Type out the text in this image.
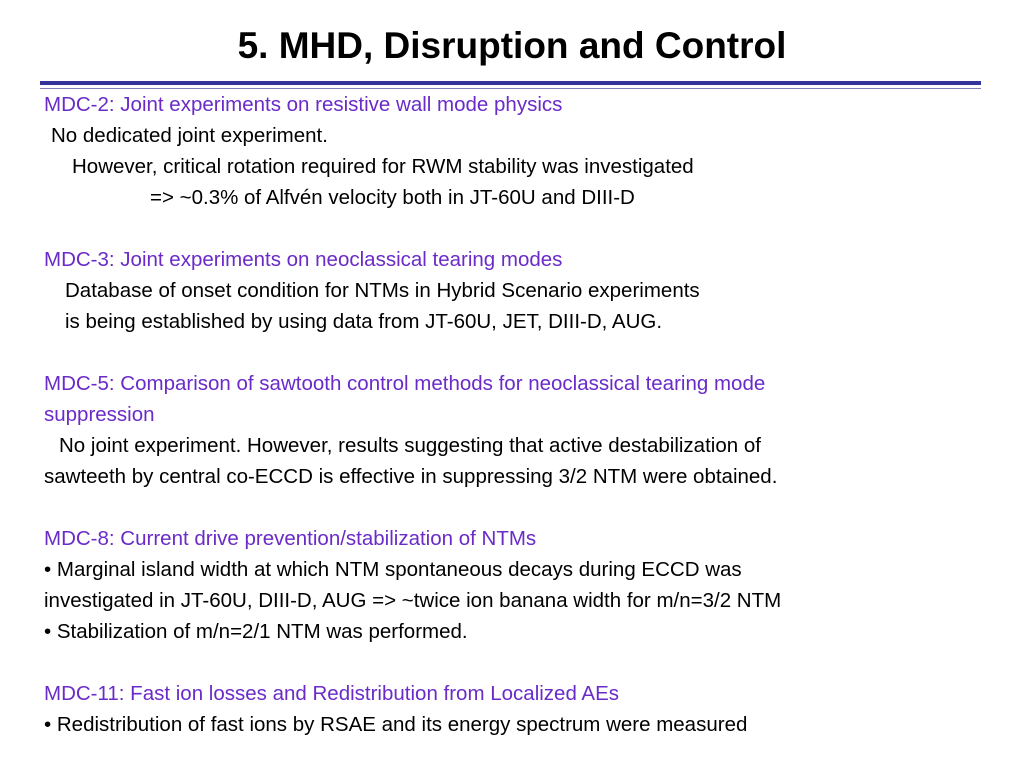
5. MHD, Disruption and Control
MDC-2: Joint experiments on resistive wall mode physics
No dedicated joint experiment.
However, critical rotation required for RWM stability was investigated
=> ~0.3% of Alfvén velocity both in JT-60U and DIII-D
MDC-3: Joint experiments on neoclassical tearing modes
Database of onset condition for NTMs in Hybrid Scenario experiments
is being established by using data from JT-60U, JET, DIII-D, AUG.
MDC-5: Comparison of sawtooth control methods for neoclassical tearing mode
suppression
No joint experiment. However, results suggesting that active destabilization of
sawteeth by central co-ECCD is effective in suppressing 3/2 NTM were obtained.
MDC-8: Current drive prevention/stabilization of NTMs
• Marginal island width at which NTM spontaneous decays during ECCD was
investigated in JT-60U, DIII-D, AUG => ~twice ion banana width for m/n=3/2 NTM
• Stabilization of m/n=2/1 NTM was performed.
MDC-11: Fast ion losses and Redistribution from Localized AEs
• Redistribution of fast ions by RSAE and its energy spectrum were measured
